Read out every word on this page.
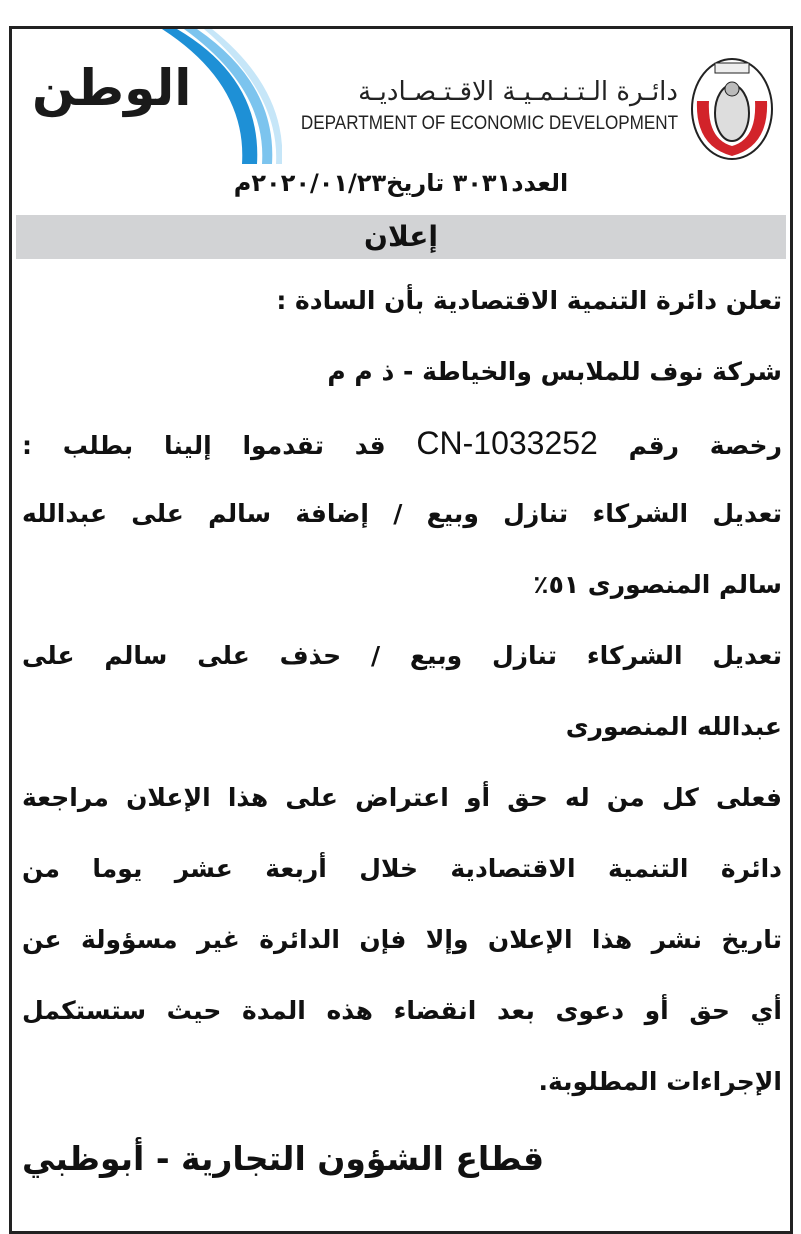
الوطن	دائـرة الـتـنـمـيـة الاقـتـصـاديـة
DEPARTMENT OF ECONOMIC DEVELOPMENT
العدد٣٠٣١ تاريخ٢٠٢٠/٠١/٢٣م
إعلان
تعلن دائرة التنمية الاقتصادية بأن السادة :
شركة نوف للملابس والخياطة - ذ م م
رخصة رقم CN-1033252 قد تقدموا إلينا بطلب :
تعديل الشركاء تنازل وبيع / إضافة سالم على عبدالله
سالم المنصورى ٥١٪
تعديل الشركاء تنازل وبيع / حذف على سالم على
عبدالله المنصورى
فعلى كل من له حق أو اعتراض على هذا الإعلان مراجعة
دائرة التنمية الاقتصادية خلال أربعة عشر يوما من
تاريخ نشر هذا الإعلان وإلا فإن الدائرة غير مسؤولة عن
أي حق أو دعوى بعد انقضاء هذه المدة حيث ستستكمل
الإجراءات المطلوبة.
قطاع الشؤون التجارية - أبوظبي
